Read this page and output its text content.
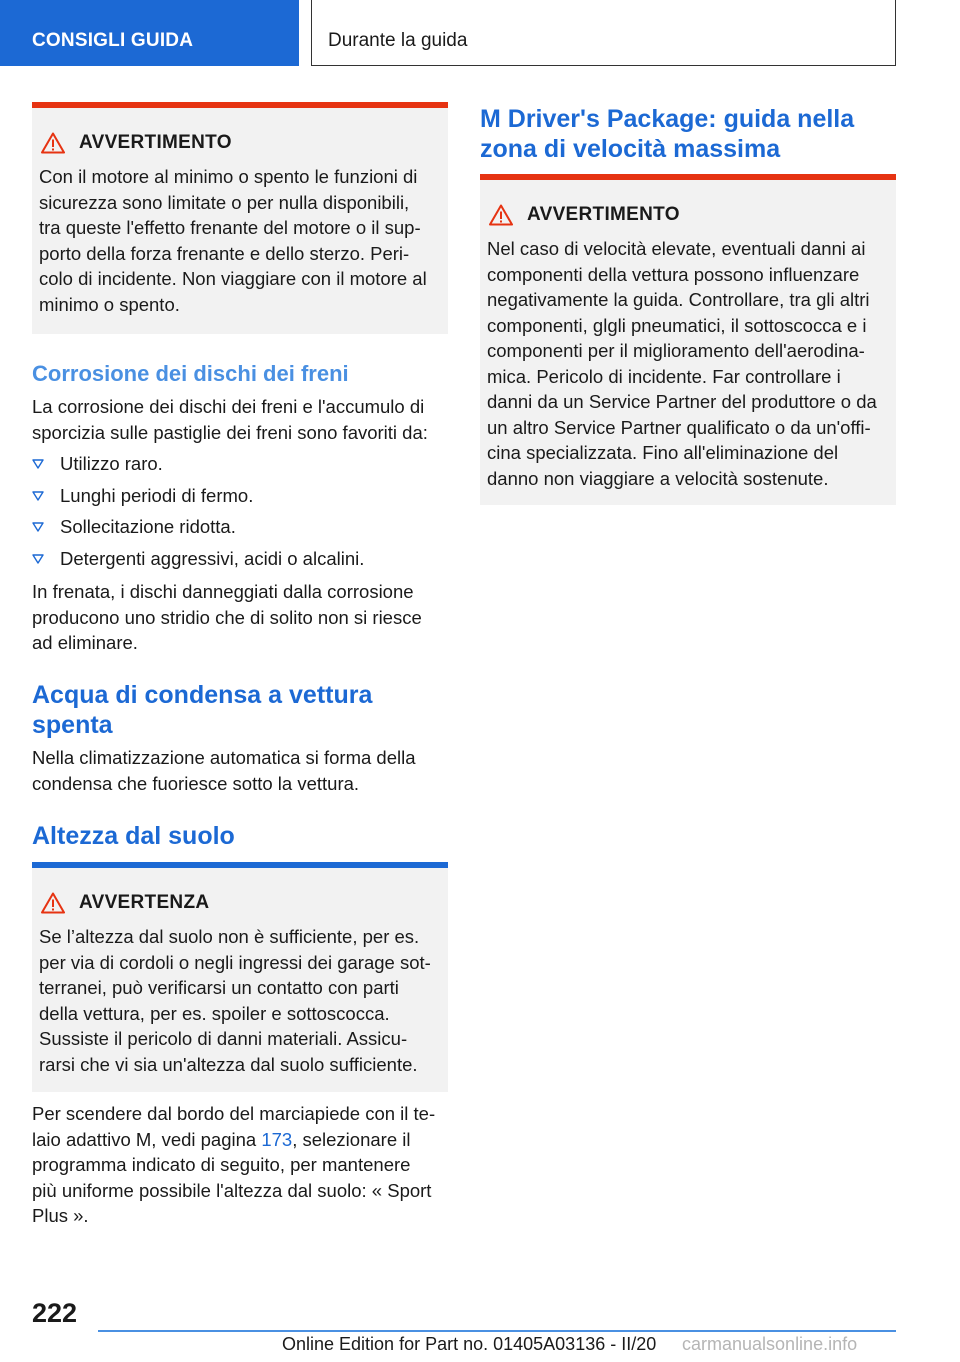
CONSIGLI GUIDA	Durante la guida
AVVERTIMENTO

Con il motore al minimo o spento le funzioni di

sicurezza sono limitate o per nulla disponibili,

tra queste l'effetto frenante del motore o il sup‐

porto della forza frenante e dello sterzo. Peri‐

colo di incidente. Non viaggiare con il motore al

minimo o spento.

Corrosione dei dischi dei freni

La corrosione dei dischi dei freni e l'accumulo di

sporcizia sulle pastiglie dei freni sono favoriti da:

Utilizzo raro.
Lunghi periodi di fermo.
Sollecitazione ridotta.
Detergenti aggressivi, acidi o alcalini.

In frenata, i dischi danneggiati dalla corrosione

producono uno stridio che di solito non si riesce

ad eliminare.

Acqua di condensa a vettura
spenta

Nella climatizzazione automatica si forma della

condensa che fuoriesce sotto la vettura.

Altezza dal suolo
AVVERTENZA

Se l’altezza dal suolo non è sufficiente, per es.

per via di cordoli o negli ingressi dei garage sot‐

terranei, può verificarsi un contatto con parti

della vettura, per es. spoiler e sottoscocca.

Sussiste il pericolo di danni materiali. Assicu‐

rarsi che vi sia un'altezza dal suolo sufficiente.

Per scendere dal bordo del marciapiede con il te‐

laio adattivo M, vedi pagina 173, selezionare il

programma indicato di seguito, per mantenere

più uniforme possibile l'altezza dal suolo: « Sport

Plus ».

M Driver's Package: guida nella
zona di velocità massima
AVVERTIMENTO

Nel caso di velocità elevate, eventuali danni ai

componenti della vettura possono influenzare

negativamente la guida. Controllare, tra gli altri

componenti, glgli pneumatici, il sottoscocca e i

componenti per il miglioramento dell'aerodina‐

mica. Pericolo di incidente. Far controllare i

danni da un Service Partner del produttore o da

un altro Service Partner qualificato o da un'offi‐

cina specializzata. Fino all'eliminazione del

danno non viaggiare a velocità sostenute.

222
Online Edition for Part no. 01405A03136 - II/20 carmanualsonline.info
